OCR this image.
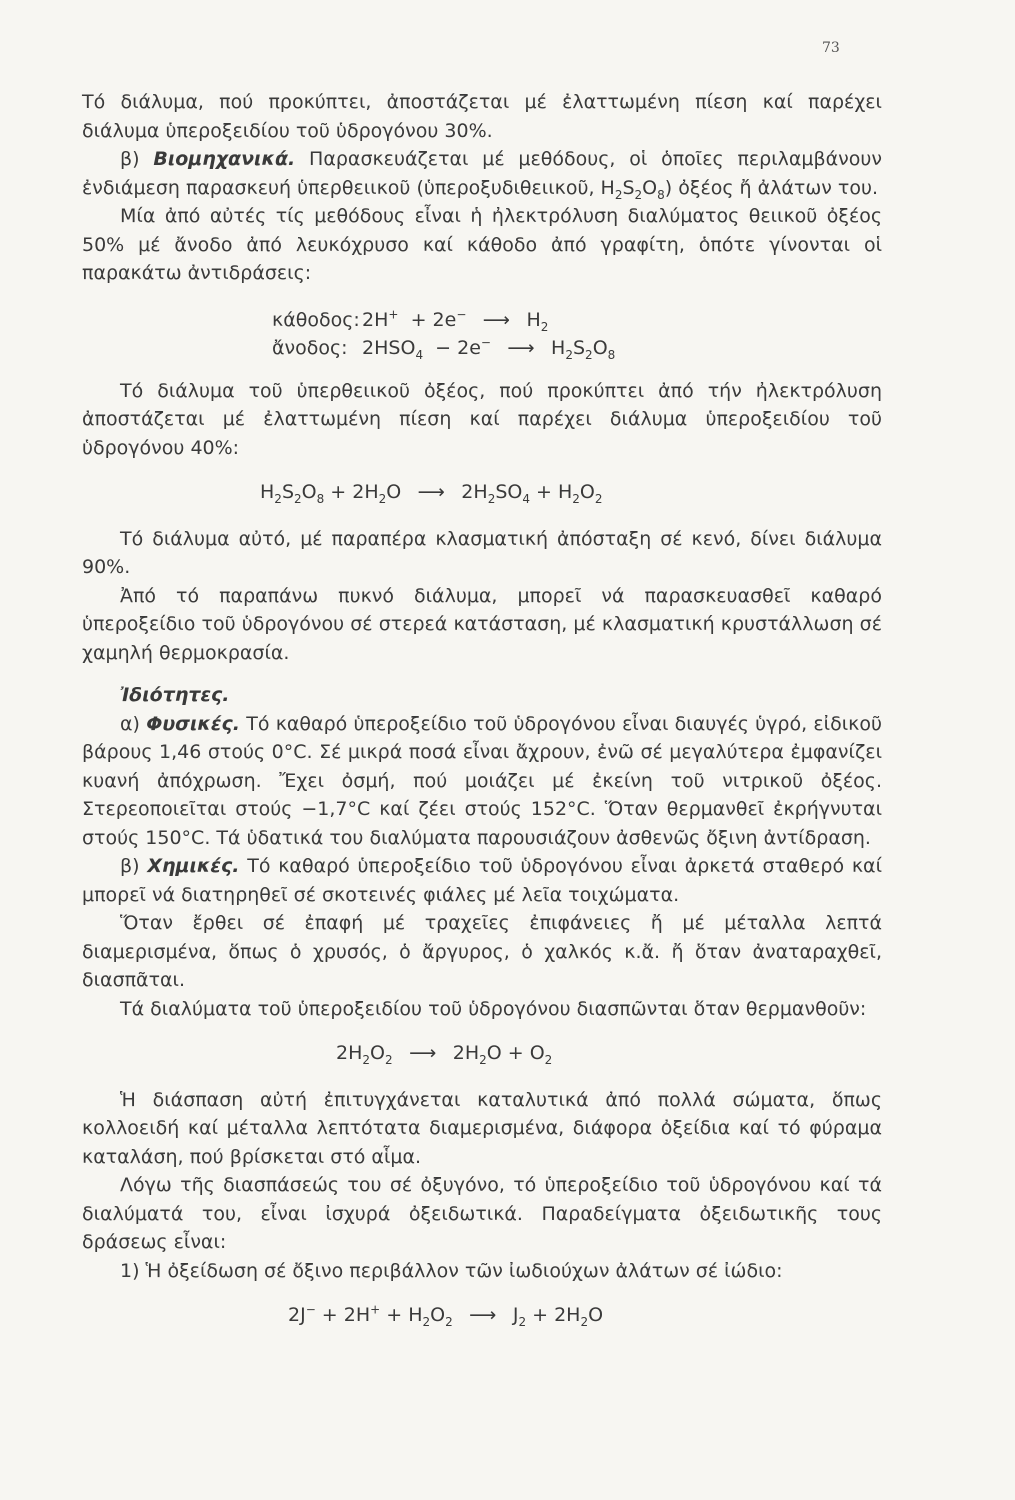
73

Τό διάλυμα, πού προκύπτει, ἀποστάζεται μέ ἐλαττωμένη πίεση καί παρέχει διάλυμα ὑπεροξειδίου τοῦ ὑδρογόνου 30%.

β) Βιομηχανικά. Παρασκευάζεται μέ μεθόδους, οἱ ὁποῖες περιλαμβάνουν ἐνδιάμεση παρασκευή ὑπερθειικοῦ (ὑπεροξυδιθειικοῦ, $H_2S_2O_8$) ὀξέος ἤ ἀλάτων του.

Μία ἀπό αὐτές τίς μεθόδους εἶναι ἡ ἠλεκτρόλυση διαλύματος θειικοῦ ὀξέος 50% μέ ἄνοδο ἀπό λευκόχρυσο καί κάθοδο ἀπό γραφίτη, ὁπότε γίνονται οἱ παρακάτω ἀντιδράσεις:

κάθοδος: 2H+  + 2e− ⟶ $H_2$

ἄνοδος: $2HSO_4 - 2e^-$ ⟶ $H_2S_2O_8$

Τό διάλυμα τοῦ ὑπερθειικοῦ ὀξέος, πού προκύπτει ἀπό τήν ἠλεκτρόλυση ἀποστάζεται μέ ἐλαττωμένη πίεση καί παρέχει διάλυμα ὑπεροξειδίου τοῦ ὑδρογόνου 40%:

$H_2S_2O_8 + 2H_2O$ ⟶ $2H_2SO_4 + H_2O_2$

Τό διάλυμα αὐτό, μέ παραπέρα κλασματική ἀπόσταξη σέ κενό, δίνει διάλυμα 90%.

Ἀπό τό παραπάνω πυκνό διάλυμα, μπορεῖ νά παρασκευασθεῖ καθαρό ὑπεροξείδιο τοῦ ὑδρογόνου σέ στερεά κατάσταση, μέ κλασματική κρυστάλλωση σέ χαμηλή θερμοκρασία.

Ἰδιότητες.

α) Φυσικές. Τό καθαρό ὑπεροξείδιο τοῦ ὑδρογόνου εἶναι διαυγές ὑγρό, εἰδικοῦ βάρους 1,46 στούς 0°C. Σέ μικρά ποσά εἶναι ἄχρουν, ἐνῶ σέ μεγαλύτερα ἐμφανίζει κυανή ἀπόχρωση. Ἔχει ὀσμή, πού μοιάζει μέ ἐκείνη τοῦ νιτρικοῦ ὀξέος. Στερεοποιεῖται στούς −1,7°C καί ζέει στούς 152°C. Ὅταν θερμανθεῖ ἐκρήγνυται στούς 150°C. Τά ὑδατικά του διαλύματα παρουσιάζουν ἀσθενῶς ὄξινη ἀντίδραση.

β) Χημικές. Τό καθαρό ὑπεροξείδιο τοῦ ὑδρογόνου εἶναι ἀρκετά σταθερό καί μπορεῖ νά διατηρηθεῖ σέ σκοτεινές φιάλες μέ λεῖα τοιχώματα.

Ὅταν ἔρθει σέ ἐπαφή μέ τραχεῖες ἐπιφάνειες ἤ μέ μέταλλα λεπτά διαμερισμένα, ὅπως ὁ χρυσός, ὁ ἄργυρος, ὁ χαλκός κ.ἄ. ἤ ὅταν ἀναταραχθεῖ, διασπᾶται.

Τά διαλύματα τοῦ ὑπεροξειδίου τοῦ ὑδρογόνου διασπῶνται ὅταν θερμανθοῦν:

$2H_2O_2$ ⟶ $2H_2O + O_2$

Ἡ διάσπαση αὐτή ἐπιτυγχάνεται καταλυτικά ἀπό πολλά σώματα, ὅπως κολλοειδή καί μέταλλα λεπτότατα διαμερισμένα, διάφορα ὀξείδια καί τό φύραμα καταλάση, πού βρίσκεται στό αἷμα.

Λόγω τῆς διασπάσεώς του σέ ὀξυγόνο, τό ὑπεροξείδιο τοῦ ὑδρογόνου καί τά διαλύματά του, εἶναι ἰσχυρά ὀξειδωτικά. Παραδείγματα ὀξειδωτικῆς τους δράσεως εἶναι:

1) Ἡ ὀξείδωση σέ ὄξινο περιβάλλον τῶν ἰωδιούχων ἀλάτων σέ ἰώδιο:

$2J^- + 2H^+ + H_2O_2$ ⟶ $J_2 + 2H_2O$
